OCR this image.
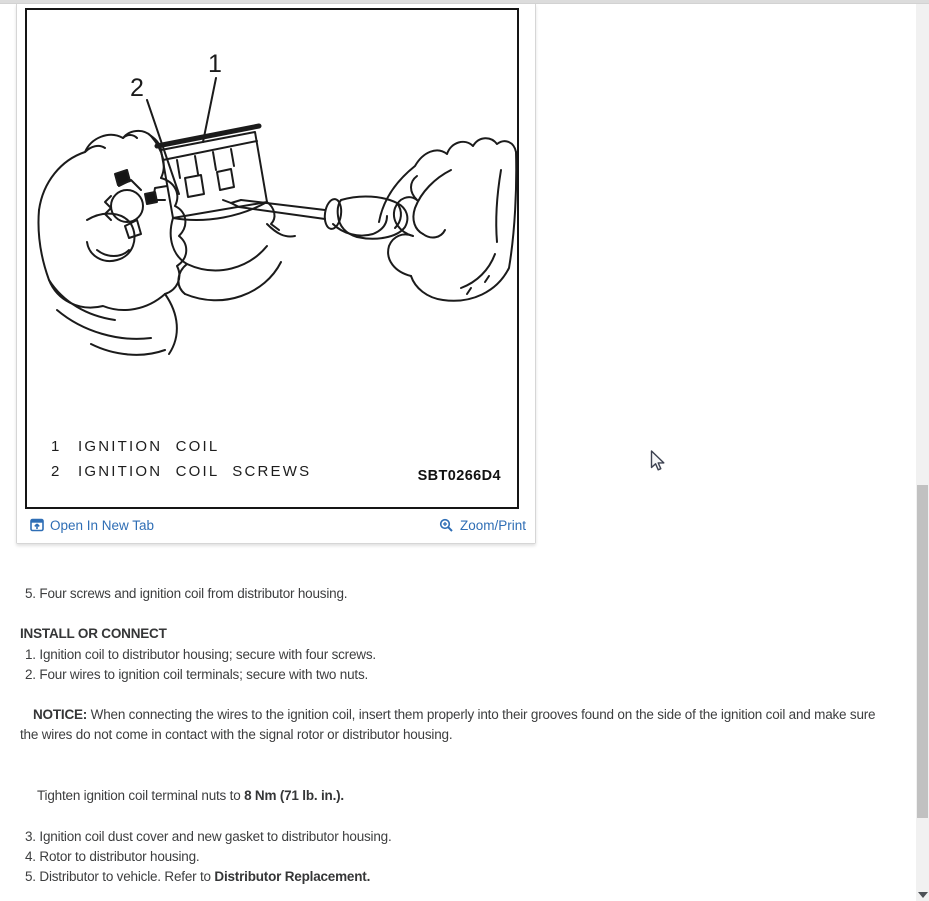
2
1
1	IGNITION COIL
2	IGNITION COIL SCREWS	SBT0266D4
Open In New Tab	Zoom/Print
5. Four screws and ignition coil from distributor housing.
INSTALL OR CONNECT
1. Ignition coil to distributor housing; secure with four screws.
2. Four wires to ignition coil terminals; secure with two nuts.
NOTICE: When connecting the wires to the ignition coil, insert them properly into their grooves found on the side of the ignition coil and make sure the wires do not come in contact with the signal rotor or distributor housing.
Tighten ignition coil terminal nuts to 8 Nm (71 lb. in.).
3. Ignition coil dust cover and new gasket to distributor housing.
4. Rotor to distributor housing.
5. Distributor to vehicle. Refer to Distributor Replacement.
